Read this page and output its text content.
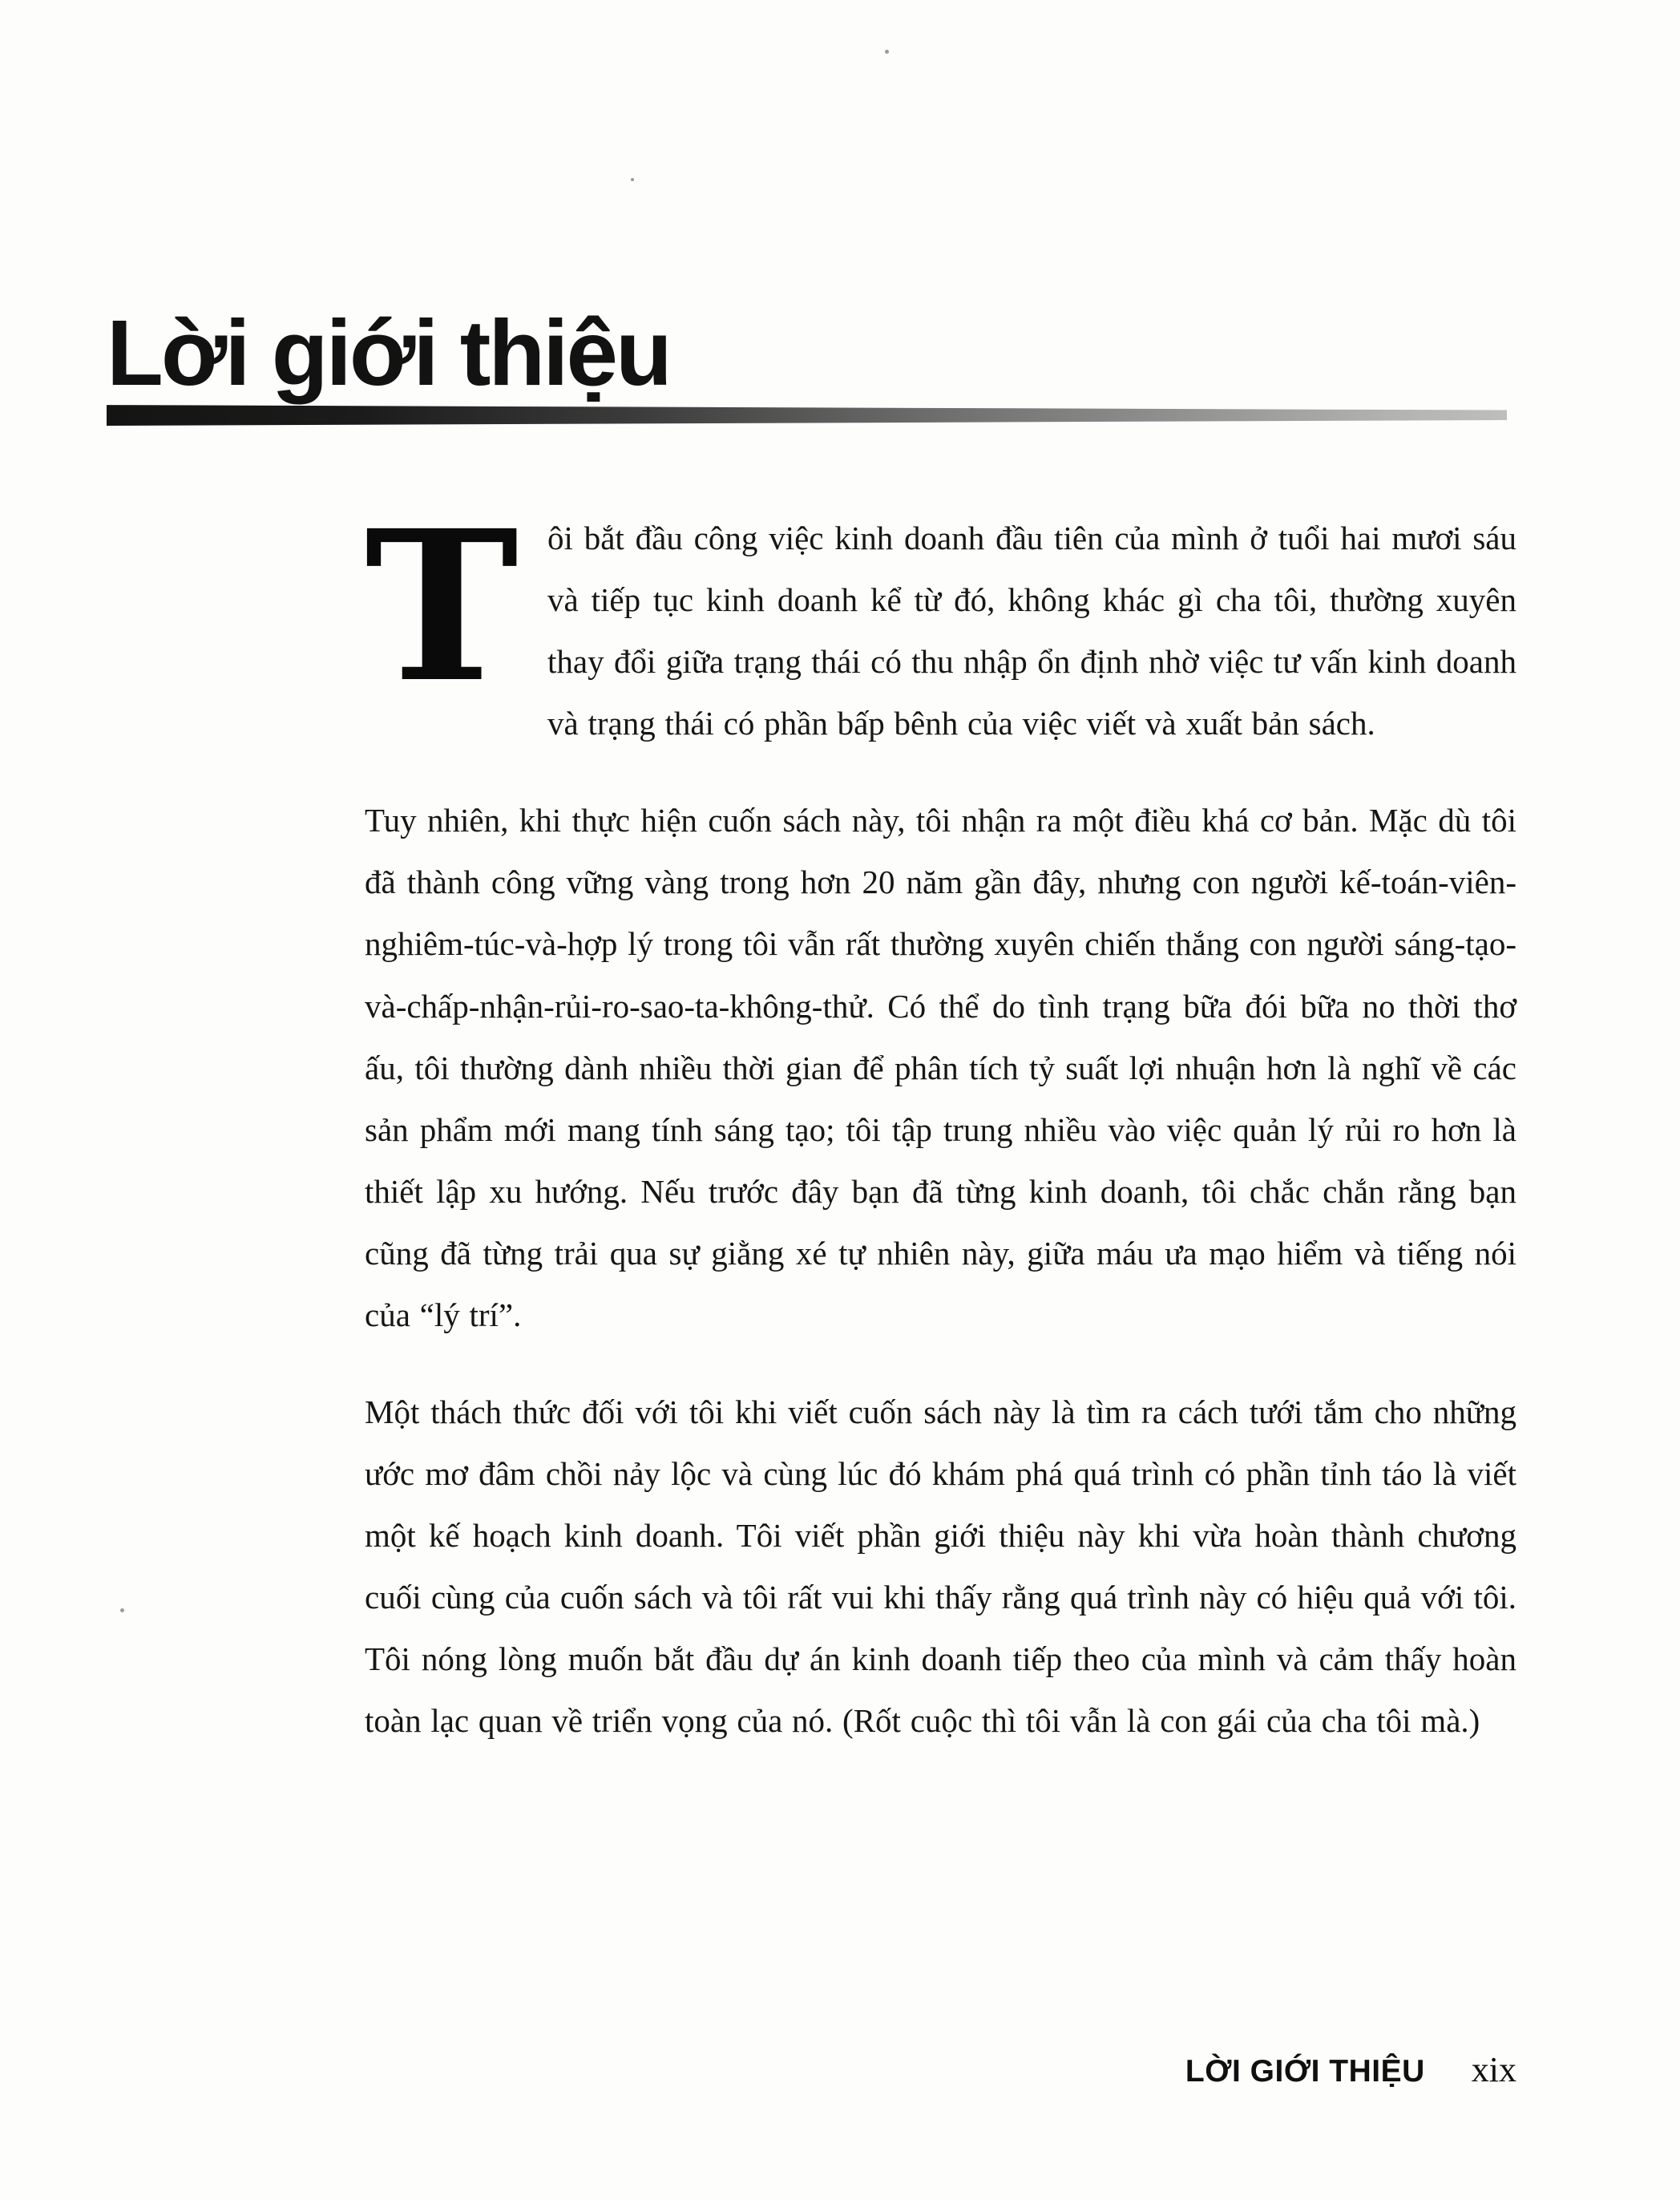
Lời giới thiệu

Tôi bắt đầu công việc kinh doanh đầu tiên của mình ở tuổi hai mươi sáu và tiếp tục kinh doanh kể từ đó, không khác gì cha tôi, thường xuyên thay đổi giữa trạng thái có thu nhập ổn định nhờ việc tư vấn kinh doanh và trạng thái có phần bấp bênh của việc viết và xuất bản sách.

Tuy nhiên, khi thực hiện cuốn sách này, tôi nhận ra một điều khá cơ bản. Mặc dù tôi đã thành công vững vàng trong hơn 20 năm gần đây, nhưng con người kế-toán-viên-nghiêm-túc-và-hợp lý trong tôi vẫn rất thường xuyên chiến thắng con người sáng-tạo-và-chấp-nhận-rủi-ro-sao-ta-không-thử. Có thể do tình trạng bữa đói bữa no thời thơ ấu, tôi thường dành nhiều thời gian để phân tích tỷ suất lợi nhuận hơn là nghĩ về các sản phẩm mới mang tính sáng tạo; tôi tập trung nhiều vào việc quản lý rủi ro hơn là thiết lập xu hướng. Nếu trước đây bạn đã từng kinh doanh, tôi chắc chắn rằng bạn cũng đã từng trải qua sự giằng xé tự nhiên này, giữa máu ưa mạo hiểm và tiếng nói của “lý trí”.

Một thách thức đối với tôi khi viết cuốn sách này là tìm ra cách tưới tắm cho những ước mơ đâm chồi nảy lộc và cùng lúc đó khám phá quá trình có phần tỉnh táo là viết một kế hoạch kinh doanh. Tôi viết phần giới thiệu này khi vừa hoàn thành chương cuối cùng của cuốn sách và tôi rất vui khi thấy rằng quá trình này có hiệu quả với tôi. Tôi nóng lòng muốn bắt đầu dự án kinh doanh tiếp theo của mình và cảm thấy hoàn toàn lạc quan về triển vọng của nó. (Rốt cuộc thì tôi vẫn là con gái của cha tôi mà.)

LỜI GIỚI THIỆU xix
